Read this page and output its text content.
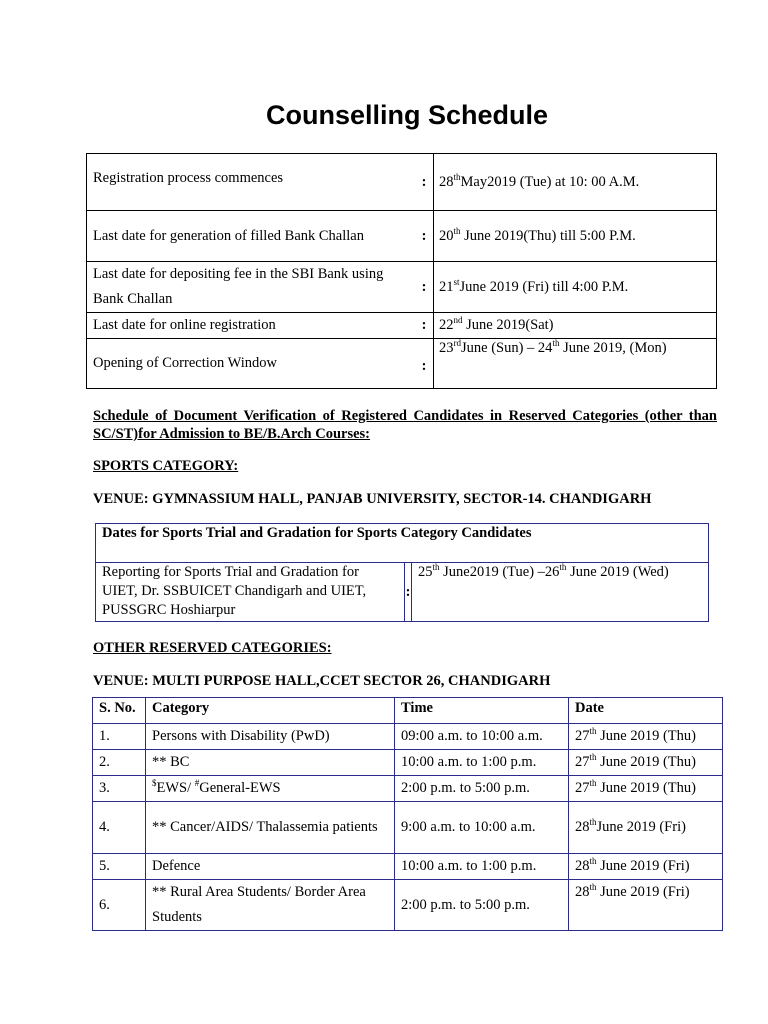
Counselling Schedule
Registration process commences	:	28thMay2019 (Tue) at 10: 00 A.M.
Last date for generation of filled Bank Challan	:	20th June 2019(Thu) till 5:00 P.M.
Last date for depositing fee in the SBI Bank using Bank Challan	:	21stJune 2019 (Fri) till 4:00 P.M.
Last date for online registration	:	22nd June 2019(Sat)
Opening of Correction Window	:	23rdJune (Sun) – 24th June 2019, (Mon)
Schedule of Document Verification of Registered Candidates in Reserved Categories (other than SC/ST)for Admission to BE/B.Arch Courses:
SPORTS CATEGORY:
VENUE: GYMNASSIUM HALL, PANJAB UNIVERSITY, SECTOR-14. CHANDIGARH
Dates for Sports Trial and Gradation for Sports Category Candidates
Reporting for Sports Trial and Gradation for UIET, Dr. SSBUICET Chandigarh and UIET, PUSSGRC Hoshiarpur	:	25th June2019 (Tue) –26th June 2019 (Wed)
OTHER RESERVED CATEGORIES:
VENUE: MULTI PURPOSE HALL,CCET SECTOR 26, CHANDIGARH
S. No.	Category	Time	Date
1.	Persons with Disability (PwD)	09:00 a.m. to 10:00 a.m.	27th June 2019 (Thu)
2.	** BC	10:00 a.m. to 1:00 p.m.	27th June 2019 (Thu)
3.	$EWS/ #General-EWS	2:00 p.m. to 5:00 p.m.	27th June 2019 (Thu)
4.	** Cancer/AIDS/ Thalassemia patients	9:00 a.m. to 10:00 a.m.	28thJune 2019 (Fri)
5.	Defence	10:00 a.m. to 1:00 p.m.	28th June 2019 (Fri)
6.	** Rural Area Students/ Border Area Students	2:00 p.m. to 5:00 p.m.	28th June 2019 (Fri)
